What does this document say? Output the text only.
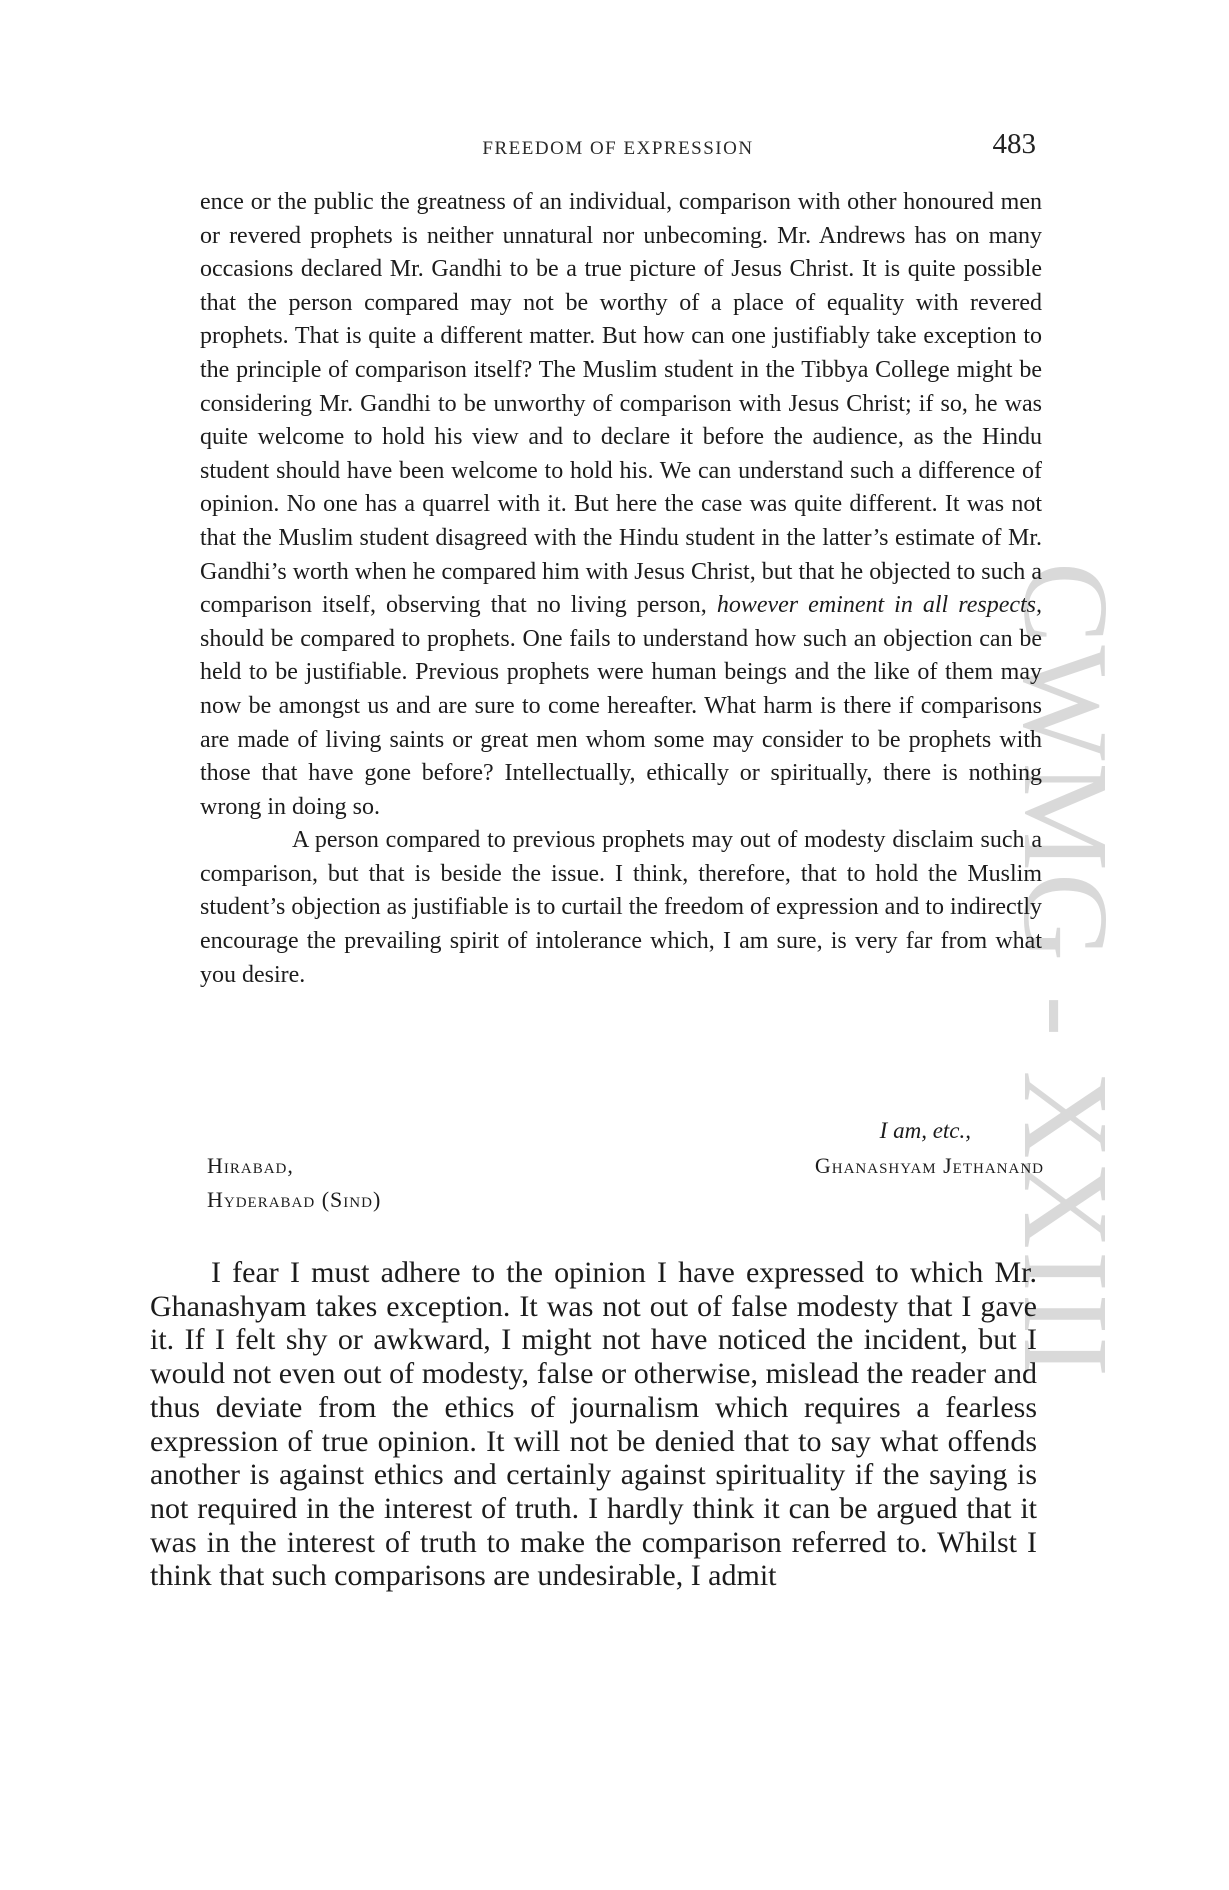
CWMG - XXIII
FREEDOM OF EXPRESSION	483

ence or the public the greatness of an individual, comparison with other honoured men or revered prophets is neither unnatural nor unbecoming. Mr. Andrews has on many occasions declared Mr. Gandhi to be a true picture of Jesus Christ. It is quite possible that the person compared may not be worthy of a place of equality with revered prophets. That is quite a different matter. But how can one justifiably take exception to the principle of comparison itself? The Muslim student in the Tibbya College might be considering Mr. Gandhi to be unworthy of comparison with Jesus Christ; if so, he was quite welcome to hold his view and to declare it before the audience, as the Hindu student should have been welcome to hold his. We can understand such a difference of opinion. No one has a quarrel with it. But here the case was quite different. It was not that the Muslim student disagreed with the Hindu student in the latter’s estimate of Mr. Gandhi’s worth when he compared him with Jesus Christ, but that he objected to such a comparison itself, observing that no living person, however eminent in all respects, should be compared to prophets. One fails to understand how such an objection can be held to be justifiable. Previous prophets were human beings and the like of them may now be amongst us and are sure to come hereafter. What harm is there if comparisons are made of living saints or great men whom some may consider to be prophets with those that have gone before? Intellectually, ethically or spiritually, there is nothing wrong in doing so.

A person compared to previous prophets may out of modesty disclaim such a comparison, but that is beside the issue. I think, therefore, that to hold the Muslim student’s objection as justifiable is to curtail the freedom of expression and to indirectly encourage the prevailing spirit of intolerance which, I am sure, is very far from what you desire.

I am, etc.,
Ghanashyam Jethanand
Hirabad,
Hyderabad (Sind)

I fear I must adhere to the opinion I have expressed to which Mr. Ghanashyam takes exception. It was not out of false modesty that I gave it. If I felt shy or awkward, I might not have noticed the incident, but I would not even out of modesty, false or otherwise, mislead the reader and thus deviate from the ethics of journalism which requires a fearless expression of true opinion. It will not be denied that to say what offends another is against ethics and certainly against spirituality if the saying is not required in the interest of truth. I hardly think it can be argued that it was in the interest of truth to make the comparison referred to. Whilst I think that such comparisons are undesirable, I admit
